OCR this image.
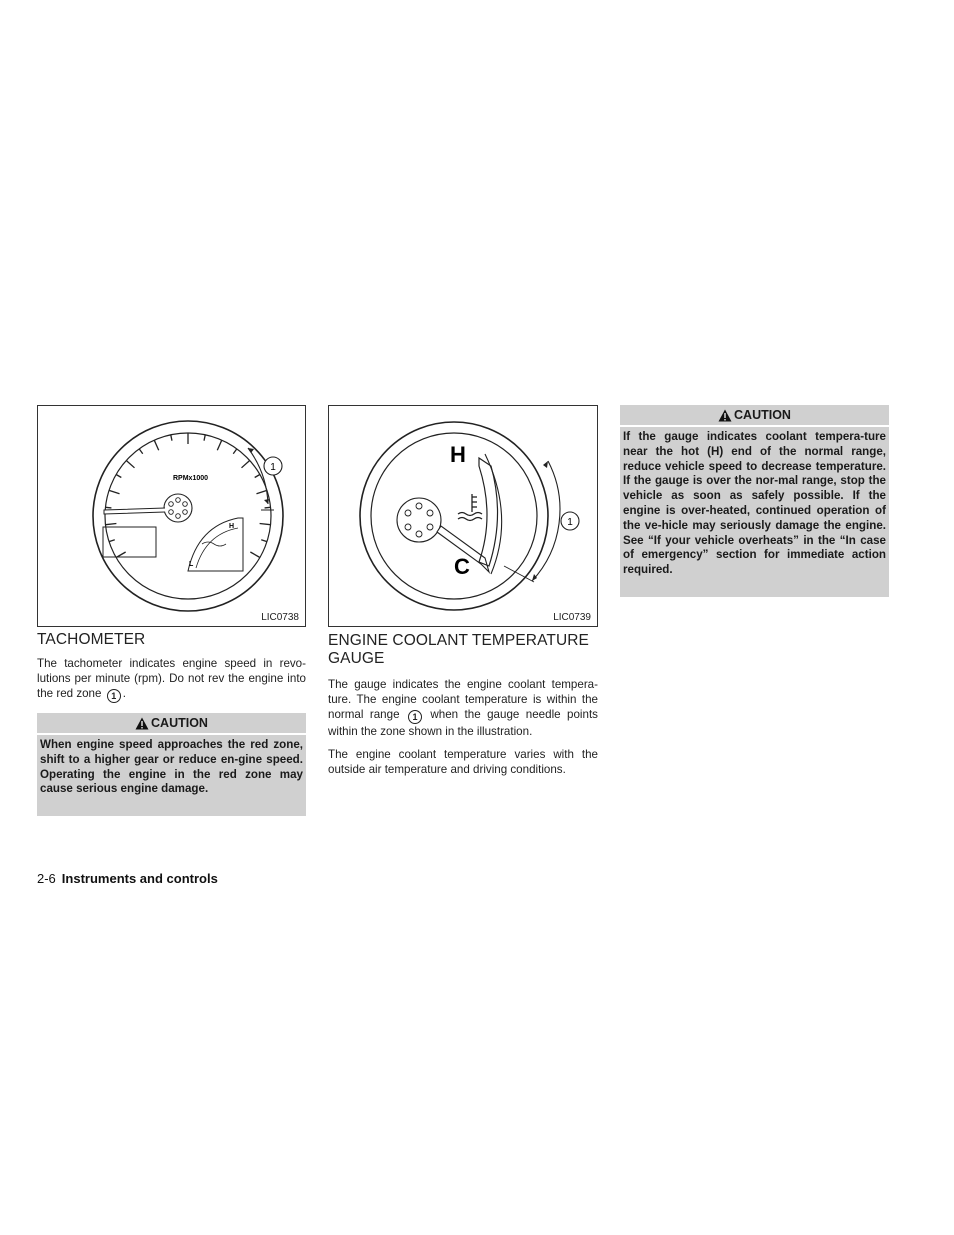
RPMx1000
H
L
1
LIC0738
H
C
1
LIC0739
TACHOMETER

The tachometer indicates engine speed in revo-lutions per minute (rpm). Do not rev the engine into the red zone 1 .

CAUTION
When engine speed approaches the red zone, shift to a higher gear or reduce en-gine speed. Operating the engine in the red zone may cause serious engine damage.
ENGINE COOLANT TEMPERATURE GAUGE

The gauge indicates the engine coolant tempera-ture. The engine coolant temperature is within the normal range 1 when the gauge needle points within the zone shown in the illustration.

The engine coolant temperature varies with the outside air temperature and driving conditions.

CAUTION
If the gauge indicates coolant tempera-ture near the hot (H) end of the normal range, reduce vehicle speed to decrease temperature. If the gauge is over the nor-mal range, stop the vehicle as soon as safely possible. If the engine is over-heated, continued operation of the ve-hicle may seriously damage the engine. See “If your vehicle overheats” in the “In case of emergency” section for immediate action required.
2-6 Instruments and controls
